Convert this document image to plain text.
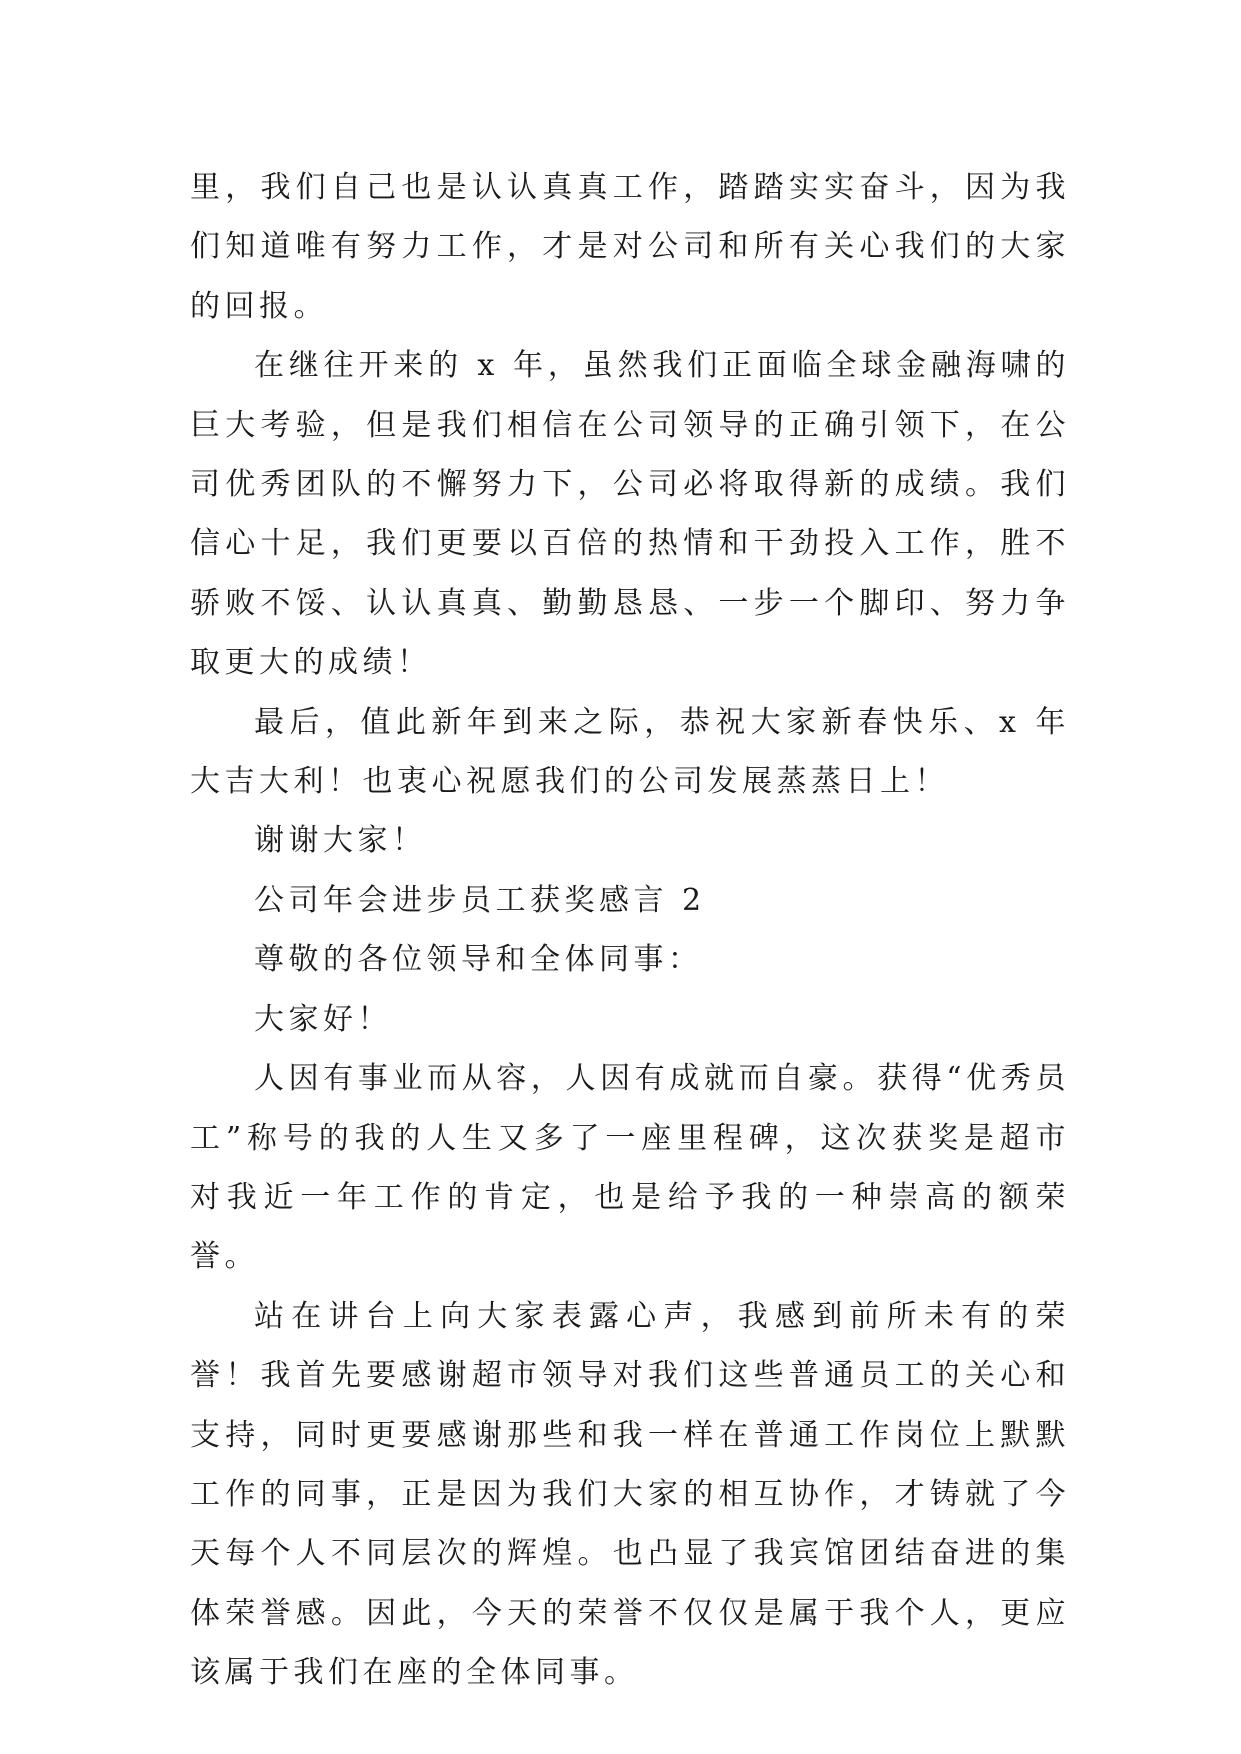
里，我们自己也是认认真真工作，踏踏实实奋斗，因为我们知道唯有努力工作，才是对公司和所有关心我们的大家的回报。

在继往开来的 x 年，虽然我们正面临全球金融海啸的巨大考验，但是我们相信在公司领导的正确引领下，在公司优秀团队的不懈努力下，公司必将取得新的成绩。我们信心十足，我们更要以百倍的热情和干劲投入工作，胜不骄败不馁、认认真真、勤勤恳恳、一步一个脚印、努力争取更大的成绩！

最后，值此新年到来之际，恭祝大家新春快乐、x 年大吉大利！也衷心祝愿我们的公司发展蒸蒸日上！

谢谢大家！

公司年会进步员工获奖感言 2

尊敬的各位领导和全体同事：

大家好！

人因有事业而从容，人因有成就而自豪。获得“优秀员工”称号的我的人生又多了一座里程碑，这次获奖是超市对我近一年工作的肯定，也是给予我的一种崇高的额荣誉。

站在讲台上向大家表露心声，我感到前所未有的荣誉！我首先要感谢超市领导对我们这些普通员工的关心和支持，同时更要感谢那些和我一样在普通工作岗位上默默工作的同事，正是因为我们大家的相互协作，才铸就了今天每个人不同层次的辉煌。也凸显了我宾馆团结奋进的集体荣誉感。因此，今天的荣誉不仅仅是属于我个人，更应该属于我们在座的全体同事。
